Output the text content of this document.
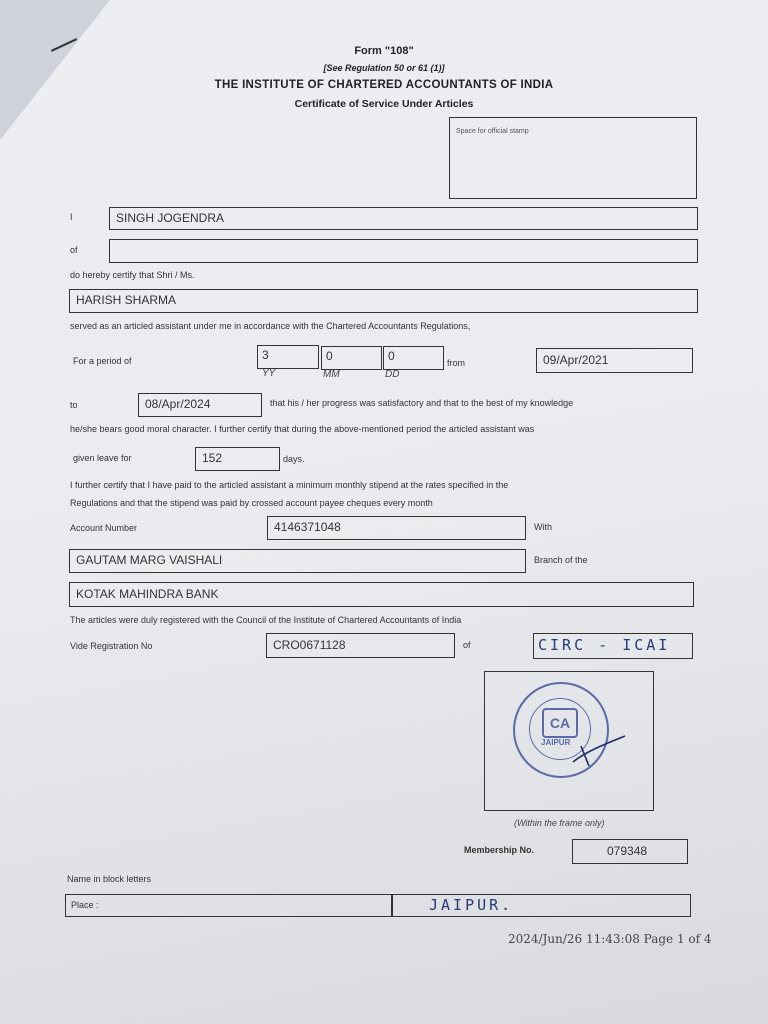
Form "108"
[See Regulation 50 or 61 (1)]
THE INSTITUTE OF CHARTERED ACCOUNTANTS OF INDIA
Certificate of Service Under Articles
Space for official stamp
I	SINGH JOGENDRA
of
do hereby certify that Shri / Ms.
HARISH SHARMA
served as an articled assistant under me in accordance with the Chartered Accountants Regulations,
For a period of	3	0	0
YY	MM	DD
from	09/Apr/2021
to	08/Apr/2024	that his / her progress was satisfactory and that to the best of my knowledge
he/she bears good moral character. I further certify that during the above-mentioned period the articled assistant was
given leave for	152	days.
I further certify that I have paid to the articled assistant a minimum monthly stipend at the rates specified in the
Regulations and that the stipend was paid by crossed account payee cheques every month
Account Number	4146371048	With
GAUTAM MARG VAISHALI	Branch of the
KOTAK MAHINDRA BANK
The articles were duly registered with the Council of the Institute of Chartered Accountants of India
Vide Registration No	CRO0671128	of	CIRC - ICAI
CA
JAIPUR
(Within the frame only)
Membership No.	079348
Name in block letters
Place :	JAIPUR.
2024/Jun/26 11:43:08 Page 1 of 4
